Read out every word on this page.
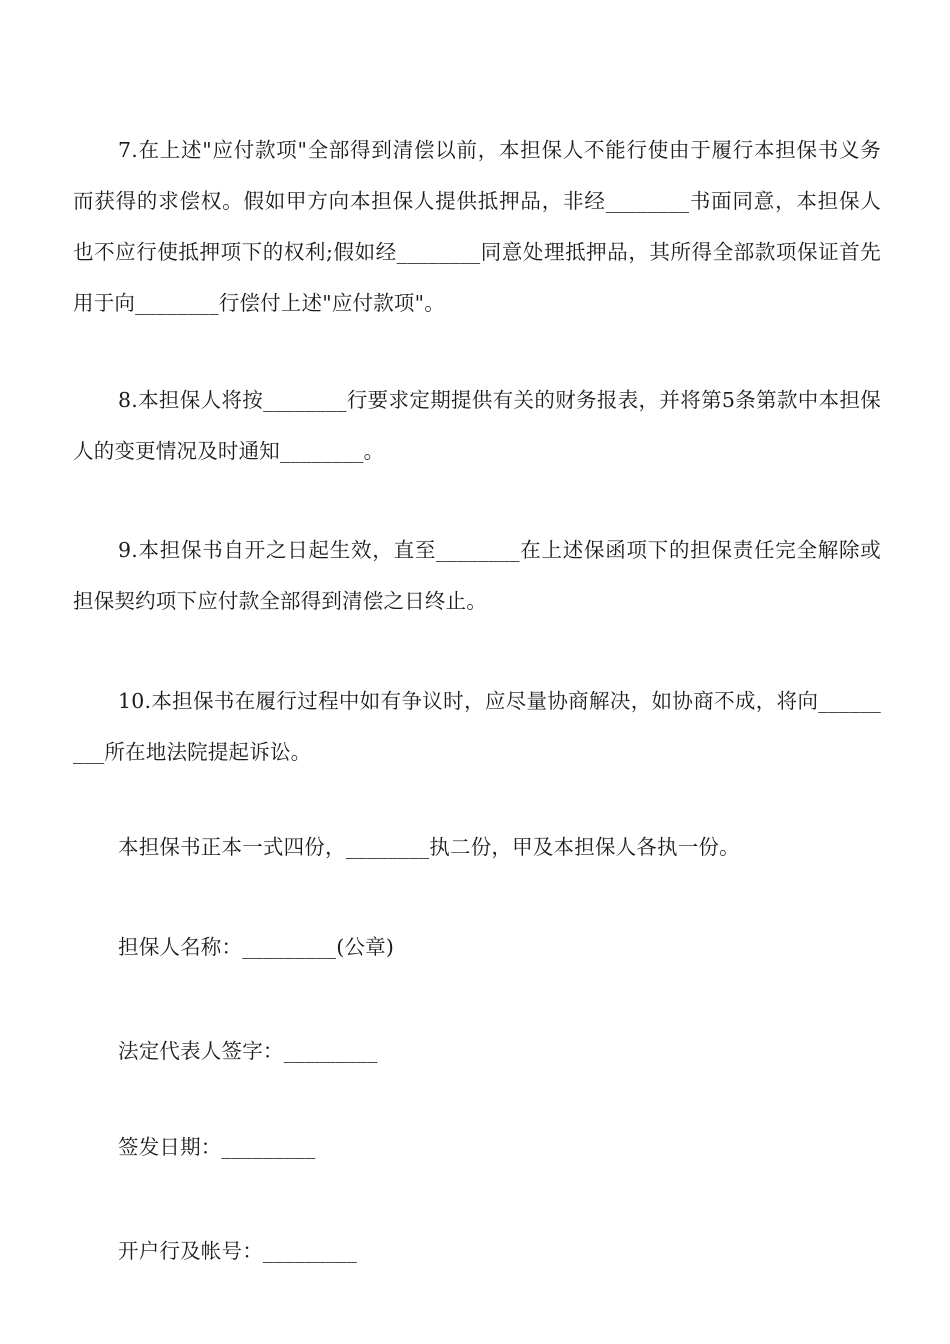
7.在上述"应付款项"全部得到清偿以前，本担保人不能行使由于履行本担保书义务而获得的求偿权。假如甲方向本担保人提供抵押品，非经________书面同意，本担保人也不应行使抵押项下的权利;假如经________同意处理抵押品，其所得全部款项保证首先用于向________行偿付上述"应付款项"。
8.本担保人将按________行要求定期提供有关的财务报表，并将第5条第款中本担保人的变更情况及时通知________。
9.本担保书自开之日起生效，直至________在上述保函项下的担保责任完全解除或担保契约项下应付款全部得到清偿之日终止。
10.本担保书在履行过程中如有争议时，应尽量协商解决，如协商不成，将向_________所在地法院提起诉讼。
本担保书正本一式四份，________执二份，甲及本担保人各执一份。
担保人名称：_________(公章)
法定代表人签字：_________
签发日期：_________
开户行及帐号：_________
